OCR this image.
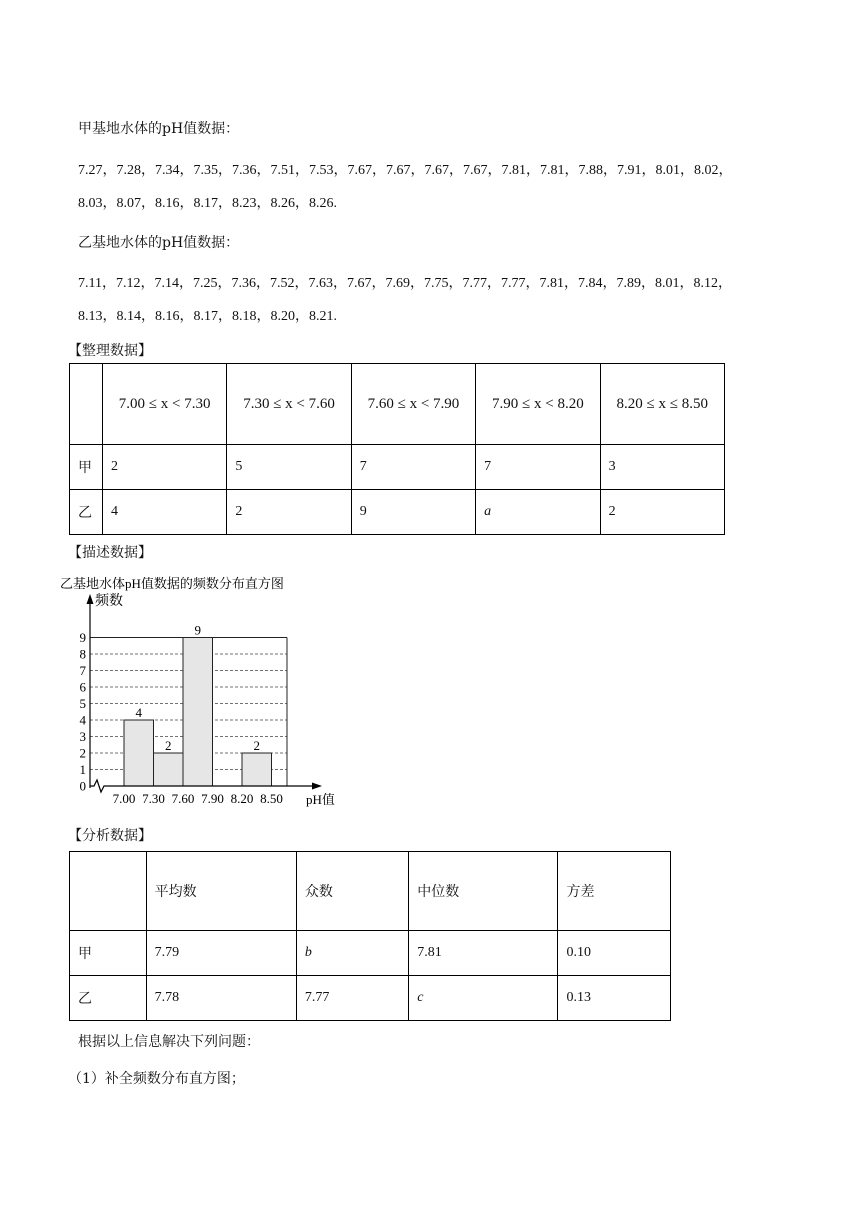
甲基地水体的pH值数据：
7.27，7.28，7.34，7.35，7.36，7.51，7.53，7.67，7.67，7.67，7.67，7.81，7.81，7.88，7.91，8.01，8.02，
8.03，8.07，8.16，8.17，8.23，8.26，8.26.
乙基地水体的pH值数据：
7.11，7.12，7.14，7.25，7.36，7.52，7.63，7.67，7.69，7.75，7.77，7.77，7.81，7.84，7.89，8.01，8.12，
8.13，8.14，8.16，8.17，8.18，8.20，8.21.
【整理数据】
	7.00 ≤ x < 7.30	7.30 ≤ x < 7.60	7.60 ≤ x < 7.90	7.90 ≤ x < 8.20	8.20 ≤ x ≤ 8.50
甲	2	5	7	7	3
乙	4	2	9	a	2
【描述数据】
乙基地水体pH值数据的频数分布直方图
4
2
9
2
0
1
2
3
4
5
6
7
8
9
7.00 7.30 7.60 7.90 8.20 8.50
频数
pH值
【分析数据】
	平均数	众数	中位数	方差
甲	7.79	b	7.81	0.10
乙	7.78	7.77	c	0.13
根据以上信息解决下列问题：
（1）补全频数分布直方图；
